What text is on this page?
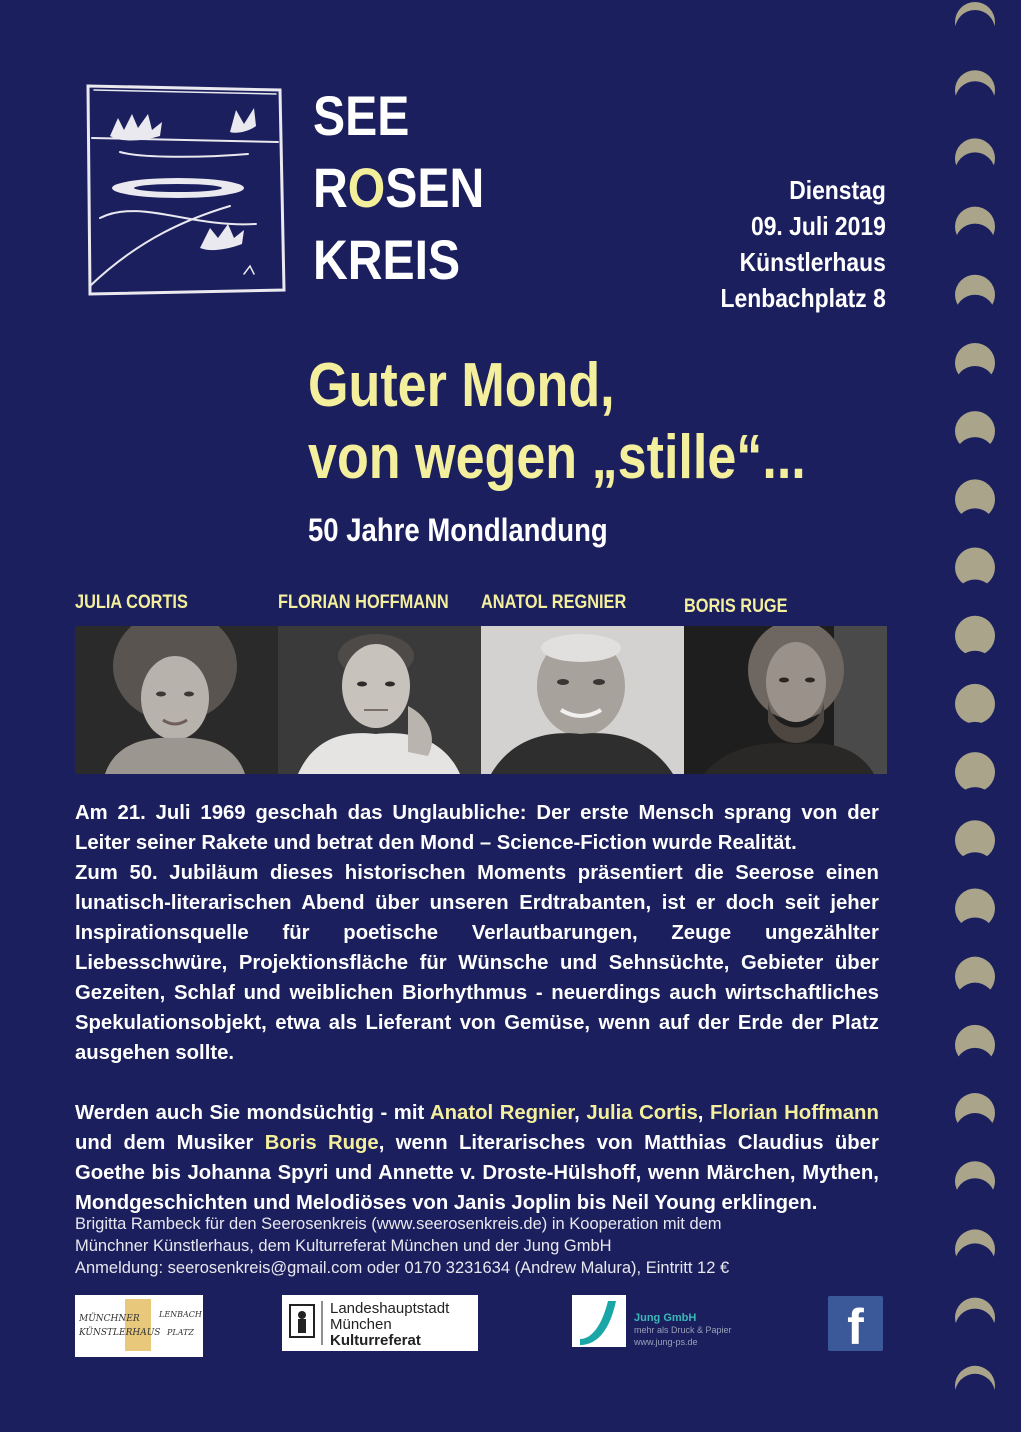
SEE
ROSEN
KREIS
Dienstag
09. Juli 2019
Künstlerhaus
Lenbachplatz 8
Guter Mond,
von wegen „stille“...
50 Jahre Mondlandung
JULIA CORTIS	FLORIAN HOFFMANN ANATOL REGNIER	BORIS RUGE

Am 21. Juli 1969 geschah das Unglaubliche: Der erste Mensch sprang von der Leiter seiner Rakete und betrat den Mond – Science-Fiction wurde Realität.
Zum 50. Jubiläum dieses historischen Moments präsentiert die Seerose einen lunatisch-literarischen Abend über unseren Erdtrabanten, ist er doch seit jeher Inspirationsquelle für poetische Verlautbarungen, Zeuge ungezählter Liebesschwüre, Projektionsfläche für Wünsche und Sehnsüchte, Gebieter über Gezeiten, Schlaf und weiblichen Biorhythmus - neuerdings auch wirtschaftliches Spekulationsobjekt, etwa als Lieferant von Gemüse, wenn auf der Erde der Platz ausgehen sollte.

Werden auch Sie mondsüchtig - mit Anatol Regnier, Julia Cortis, Florian Hoffmann und dem Musiker Boris Ruge, wenn Literarisches von Matthias Claudius über Goethe bis Johanna Spyri und Annette v. Droste-Hülshoff, wenn Märchen, Mythen, Mondgeschichten und Melodiöses von Janis Joplin bis Neil Young erklingen.

Brigitta Rambeck für den Seerosenkreis (www.seerosenkreis.de) in Kooperation mit dem
Münchner Künstlerhaus, dem Kulturreferat München und der Jung GmbH
Anmeldung: seerosenkreis@gmail.com oder 0170 3231634 (Andrew Malura), Eintritt 12 €
MÜNCHNER
KÜNSTLERHAUS
LENBACH
PLATZ
Landeshauptstadt
München
Kulturreferat
Jung GmbH
mehr als Druck & Papier
www.jung-ps.de	f
